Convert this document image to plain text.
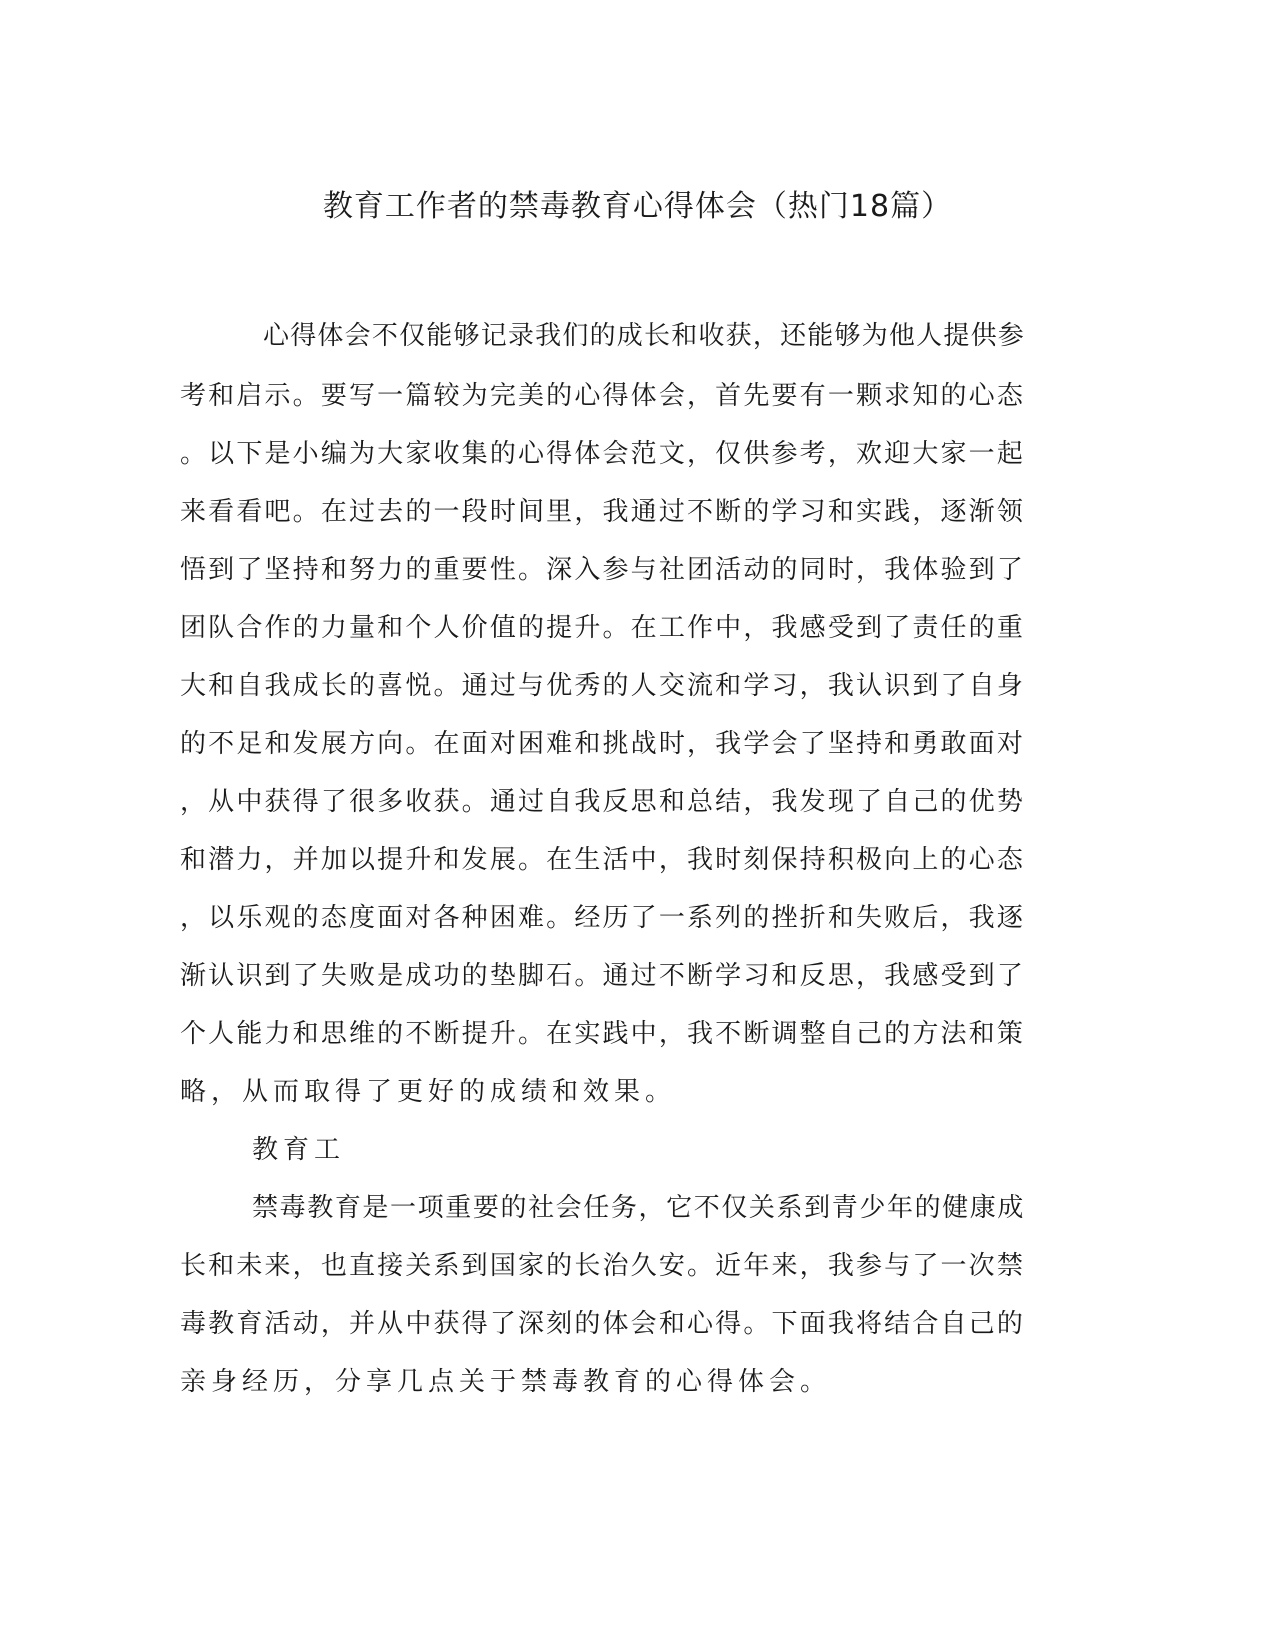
教育工作者的禁毒教育心得体会（热门18篇）

心得体会不仅能够记录我们的成长和收获，还能够为他人提供参

考和启示。要写一篇较为完美的心得体会，首先要有一颗求知的心态

。以下是小编为大家收集的心得体会范文，仅供参考，欢迎大家一起

来看看吧。在过去的一段时间里，我通过不断的学习和实践，逐渐领

悟到了坚持和努力的重要性。深入参与社团活动的同时，我体验到了

团队合作的力量和个人价值的提升。在工作中，我感受到了责任的重

大和自我成长的喜悦。通过与优秀的人交流和学习，我认识到了自身

的不足和发展方向。在面对困难和挑战时，我学会了坚持和勇敢面对

，从中获得了很多收获。通过自我反思和总结，我发现了自己的优势

和潜力，并加以提升和发展。在生活中，我时刻保持积极向上的心态

，以乐观的态度面对各种困难。经历了一系列的挫折和失败后，我逐

渐认识到了失败是成功的垫脚石。通过不断学习和反思，我感受到了

个人能力和思维的不断提升。在实践中，我不断调整自己的方法和策

略，从而取得了更好的成绩和效果。

教育工

禁毒教育是一项重要的社会任务，它不仅关系到青少年的健康成

长和未来，也直接关系到国家的长治久安。近年来，我参与了一次禁

毒教育活动，并从中获得了深刻的体会和心得。下面我将结合自己的

亲身经历，分享几点关于禁毒教育的心得体会。
